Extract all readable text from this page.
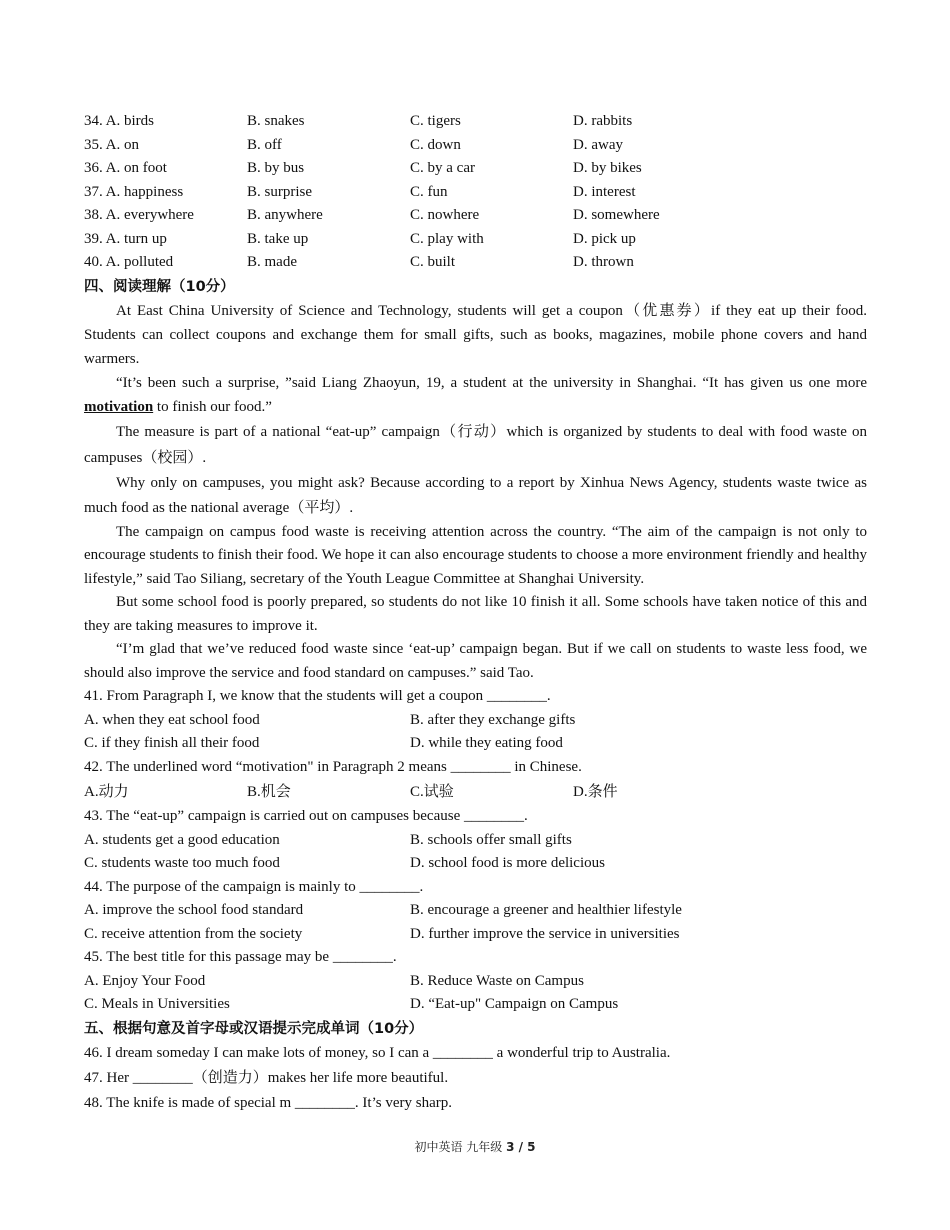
34. A. birds	B. snakes	C. tigers	D. rabbits
35. A. on	B. off	C. down	D. away
36. A. on foot	B. by bus	C. by a car	D. by bikes
37. A. happiness	B. surprise	C. fun	D. interest
38. A. everywhere	B. anywhere	C. nowhere	D. somewhere
39. A. turn up	B. take up	C. play with	D. pick up
40. A. polluted	B. made	C. built	D. thrown
四、阅读理解（10分）

At East China University of Science and Technology, students will get a coupon（优惠券）if they eat up their food. Students can collect coupons and exchange them for small gifts, such as books, magazines, mobile phone covers and hand warmers.

“It’s been such a surprise, ”said Liang Zhaoyun, 19, a student at the university in Shanghai. “It has given us one more motivation to finish our food.”

The measure is part of a national “eat-up” campaign（行动）which is organized by students to deal with food waste on campuses（校园）.

Why only on campuses, you might ask? Because according to a report by Xinhua News Agency, students waste twice as much food as the national average（平均）.

The campaign on campus food waste is receiving attention across the country. “The aim of the campaign is not only to encourage students to finish their food. We hope it can also encourage students to choose a more environment friendly and healthy lifestyle,” said Tao Siliang, secretary of the Youth League Committee at Shanghai University.

But some school food is poorly prepared, so students do not like 10 finish it all. Some schools have taken notice of this and they are taking measures to improve it.

“I’m glad that we’ve reduced food waste since ‘eat-up’ campaign began. But if we call on students to waste less food, we should also improve the service and food standard on campuses.” said Tao.

41. From Paragraph I, we know that the students will get a coupon ________.
A. when they eat school food	B. after they exchange gifts
C. if they finish all their food	D. while they eating food
42. The underlined word “motivation" in Paragraph 2 means ________ in Chinese.
A.动力	B.机会	C.试验	D.条件
43. The “eat-up” campaign is carried out on campuses because ________.
A. students get a good education	B. schools offer small gifts
C. students waste too much food	D. school food is more delicious
44. The purpose of the campaign is mainly to ________.
A. improve the school food standard	B. encourage a greener and healthier lifestyle
C. receive attention from the society	D. further improve the service in universities
45. The best title for this passage may be ________.
A. Enjoy Your Food	B. Reduce Waste on Campus
C. Meals in Universities	D. “Eat-up" Campaign on Campus
五、根据句意及首字母或汉语提示完成单词（10分）
46. I dream someday I can make lots of money, so I can a ________ a wonderful trip to Australia.
47. Her ________（创造力）makes her life more beautiful.
48. The knife is made of special m ________. It’s very sharp.
初中英语 九年级 3 / 5
